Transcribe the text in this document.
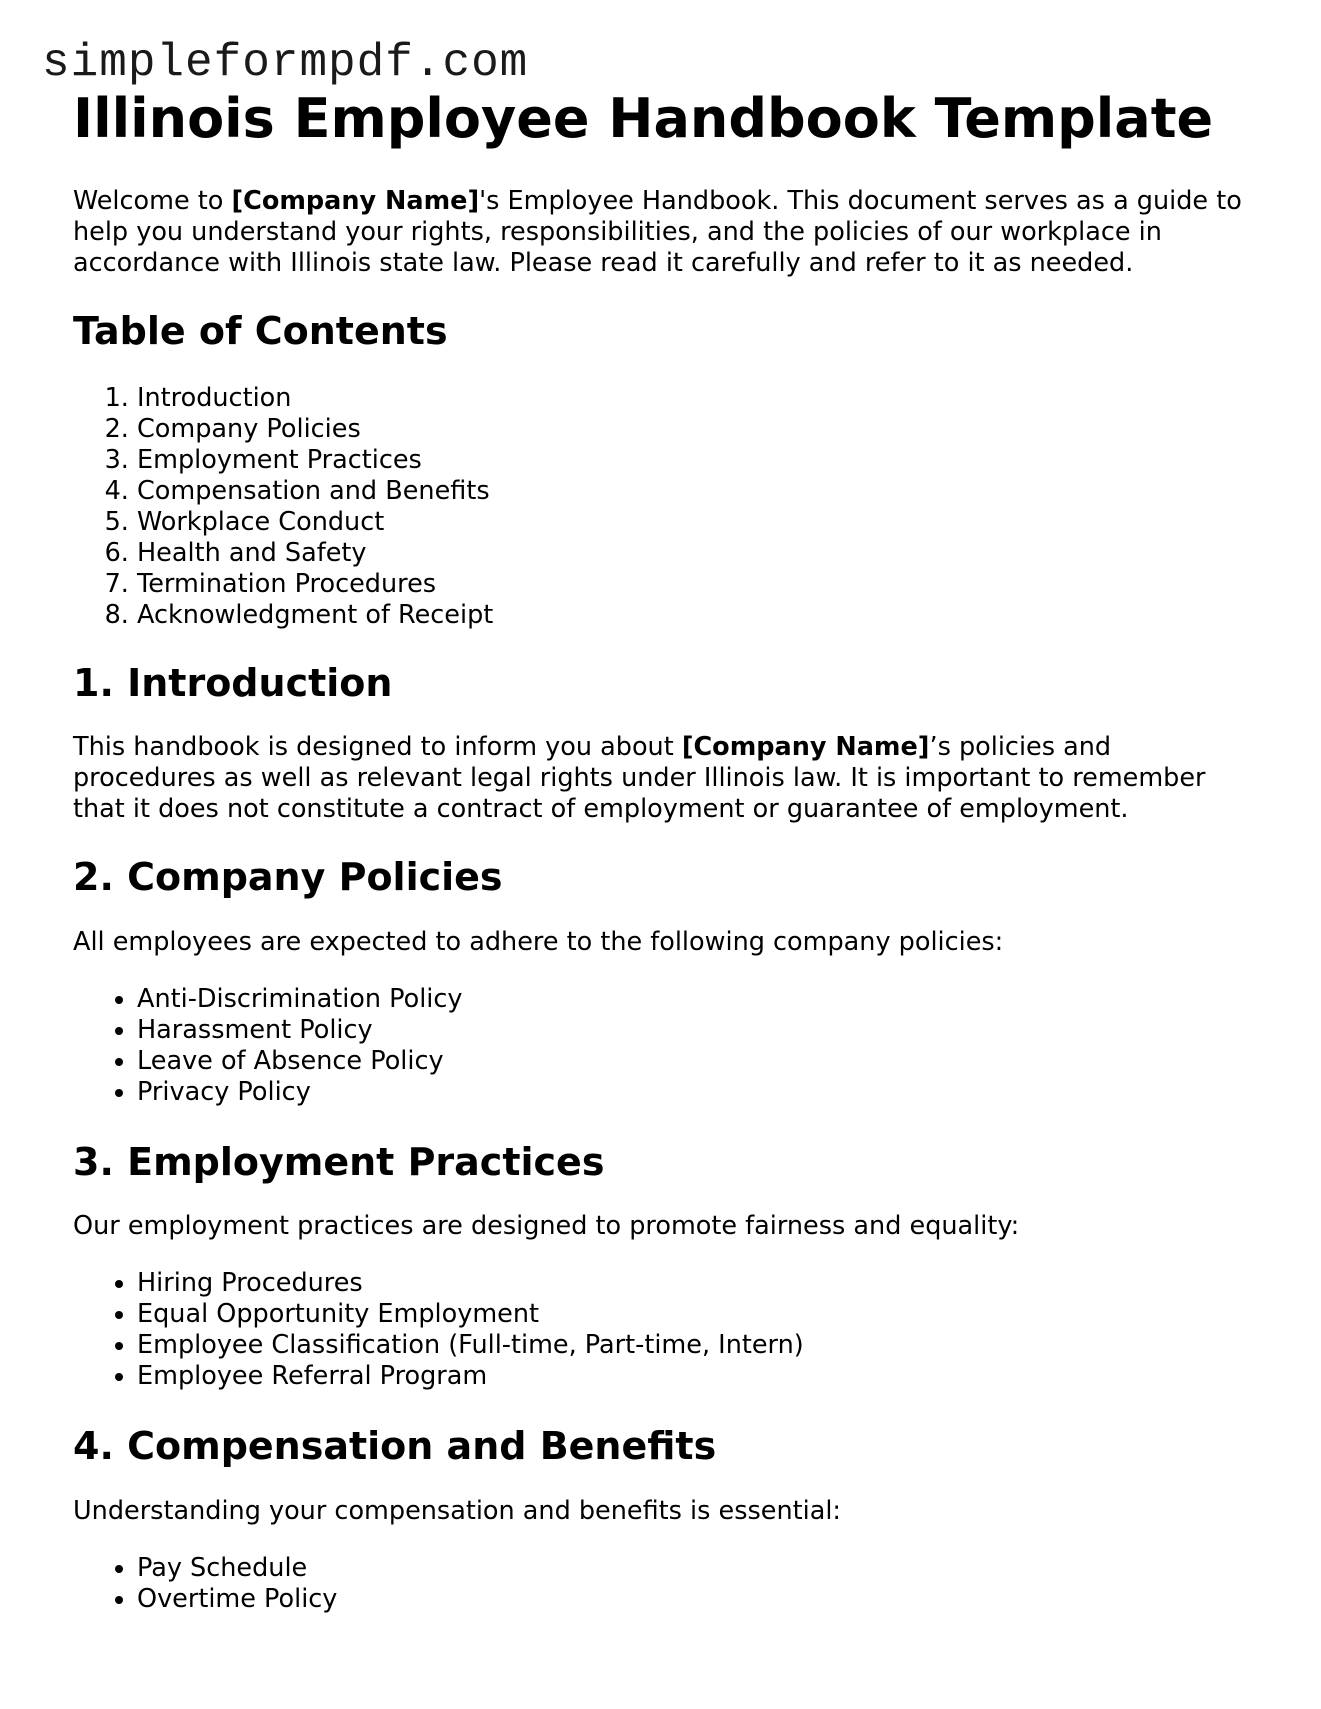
simpleformpdf.com
Illinois Employee Handbook Template

Welcome to [Company Name]'s Employee Handbook. This document serves as a guide to help you understand your rights, responsibilities, and the policies of our workplace in accordance with Illinois state law. Please read it carefully and refer to it as needed.

Table of Contents
1. Introduction
2. Company Policies
3. Employment Practices
4. Compensation and Benefits
5. Workplace Conduct
6. Health and Safety
7. Termination Procedures
8. Acknowledgment of Receipt
1. Introduction

This handbook is designed to inform you about [Company Name]’s policies and procedures as well as relevant legal rights under Illinois law. It is important to remember that it does not constitute a contract of employment or guarantee of employment.

2. Company Policies

All employees are expected to adhere to the following company policies:

• Anti-Discrimination Policy
• Harassment Policy
• Leave of Absence Policy
• Privacy Policy
3. Employment Practices

Our employment practices are designed to promote fairness and equality:

• Hiring Procedures
• Equal Opportunity Employment
• Employee Classification (Full-time, Part-time, Intern)
• Employee Referral Program
4. Compensation and Benefits

Understanding your compensation and benefits is essential:

• Pay Schedule
• Overtime Policy
